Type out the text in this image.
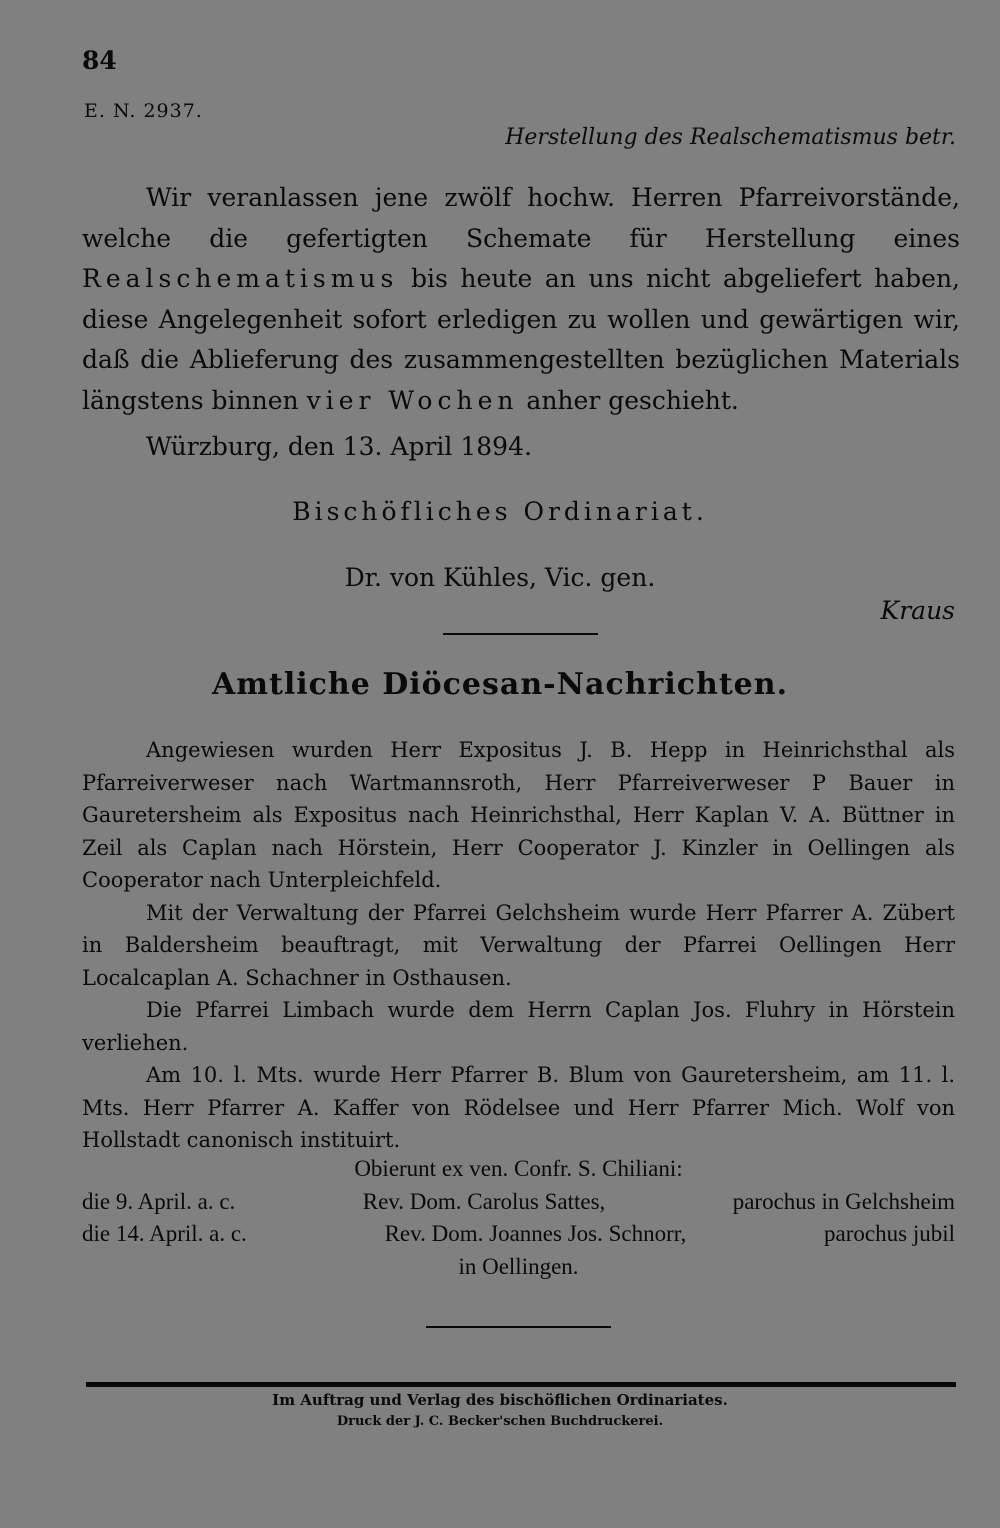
84
E. N. 2937.
Herstellung des Realschematismus betr.

Wir veranlassen jene zwölf hochw. Herren Pfarreivorstände, welche die gefertigten Schemate für Herstellung eines Realschematismus bis heute an uns nicht abgeliefert haben, diese Angelegenheit sofort erledigen zu wollen und gewärtigen wir, daß die Ablieferung des zusammengestellten bezüglichen Materials längstens binnen vier Wochen anher geschieht.

Würzburg, den 13. April 1894.
Bischöfliches Ordinariat.
Dr. von Kühles, Vic. gen.
Kraus
Amtliche Diöcesan-Nachrichten.

Angewiesen wurden Herr Expositus J. B. Hepp in Heinrichsthal als Pfarreiverweser nach Wartmannsroth, Herr Pfarreiverweser P Bauer in Gauretersheim als Expositus nach Heinrichsthal, Herr Kaplan V. A. Büttner in Zeil als Caplan nach Hörstein, Herr Cooperator J. Kinzler in Oellingen als Cooperator nach Unterpleichfeld.

Mit der Verwaltung der Pfarrei Gelchsheim wurde Herr Pfarrer A. Zübert in Baldersheim beauftragt, mit Verwaltung der Pfarrei Oellingen Herr Localcaplan A. Schachner in Osthausen.

Die Pfarrei Limbach wurde dem Herrn Caplan Jos. Fluhry in Hörstein verliehen.

Am 10. l. Mts. wurde Herr Pfarrer B. Blum von Gauretersheim, am 11. l. Mts. Herr Pfarrer A. Kaffer von Rödelsee und Herr Pfarrer Mich. Wolf von Hollstadt canonisch instituirt.

Obierunt ex ven. Confr. S. Chiliani:
die 9. April. a. c.	Rev. Dom. Carolus Sattes,	parochus in Gelchsheim
die 14. April. a. c.	Rev. Dom. Joannes Jos. Schnorr,	parochus jubil
in Oellingen.
Im Auftrag und Verlag des bischöflichen Ordinariates.
Druck der J. C. Becker'schen Buchdruckerei.
